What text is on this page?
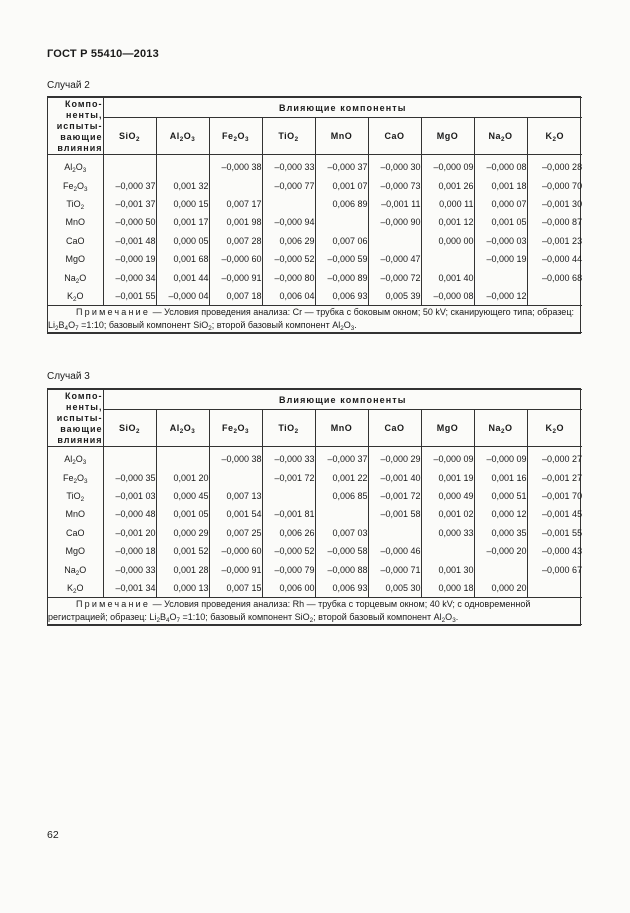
ГОСТ Р 55410—2013
Случай 2
Компо-
ненты,
испыты-
вающие
влияния	Влияющие компоненты								
	SiO$_2$	$Al_2O_3$	$Fe_2O_3$	TiO$_2$	MnO	CaO	MgO	$Na_2O$	$K_2O$
$Al_2O_3$			–0,000 38	–0,000 33	–0,000 37	–0,000 30	–0,000 09	–0,000 08	–0,000 28
$Fe_2O_3$	–0,000 37	0,001 32		–0,000 77	0,001 07	–0,000 73	0,001 26	0,001 18	–0,000 70
TiO$_2$	–0,001 37	0,000 15	0,007 17		0,006 89	–0,001 11	0,000 11	0,000 07	–0,001 30
MnO	–0,000 50	0,001 17	0,001 98	–0,000 94		–0,000 90	0,001 12	0,001 05	–0,000 87
CaO	–0,001 48	0,000 05	0,007 28	0,006 29	0,007 06		0,000 00	–0,000 03	–0,001 23
MgO	–0,000 19	0,001 68	–0,000 60	–0,000 52	–0,000 59	–0,000 47		–0,000 19	–0,000 44
$Na_2O$	–0,000 34	0,001 44	–0,000 91	–0,000 80	–0,000 89	–0,000 72	0,001 40		–0,000 68
$K_2O$	–0,001 55	–0,000 04	0,007 18	0,006 04	0,006 93	0,005 39	–0,000 08	–0,000 12	
Примечание — Условия проведения анализа: Cr — трубка с боковым окном; 50 kV; сканирующего типа; образец: $Li_2B_4O_7$ =1:10; базовый компонент SiO$_2$; второй базовый компонент $Al_2O_3$.									
Случай 3
Компо-
ненты,
испыты-
вающие
влияния	Влияющие компоненты								
	SiO$_2$	$Al_2O_3$	$Fe_2O_3$	TiO$_2$	MnO	CaO	MgO	$Na_2O$	$K_2O$
$Al_2O_3$			–0,000 38	–0,000 33	–0,000 37	–0,000 29	–0,000 09	–0,000 09	–0,000 27
$Fe_2O_3$	–0,000 35	0,001 20		–0,001 72	0,001 22	–0,001 40	0,001 19	0,001 16	–0,001 27
TiO$_2$	–0,001 03	0,000 45	0,007 13		0,006 85	–0,001 72	0,000 49	0,000 51	–0,001 70
MnO	–0,000 48	0,001 05	0,001 54	–0,001 81		–0,001 58	0,001 02	0,000 12	–0,001 45
CaO	–0,001 20	0,000 29	0,007 25	0,006 26	0,007 03		0,000 33	0,000 35	–0,001 55
MgO	–0,000 18	0,001 52	–0,000 60	–0,000 52	–0,000 58	–0,000 46		–0,000 20	–0,000 43
$Na_2O$	–0,000 33	0,001 28	–0,000 91	–0,000 79	–0,000 88	–0,000 71	0,001 30		–0,000 67
$K_2O$	–0,001 34	0,000 13	0,007 15	0,006 00	0,006 93	0,005 30	0,000 18	0,000 20	
Примечание — Условия проведения анализа: Rh — трубка с торцевым окном; 40 kV; с одновременной регистрацией; образец: $Li_2B_4O_7$ =1:10; базовый компонент SiO$_2$; второй базовый компонент $Al_2O_3$.									
62
